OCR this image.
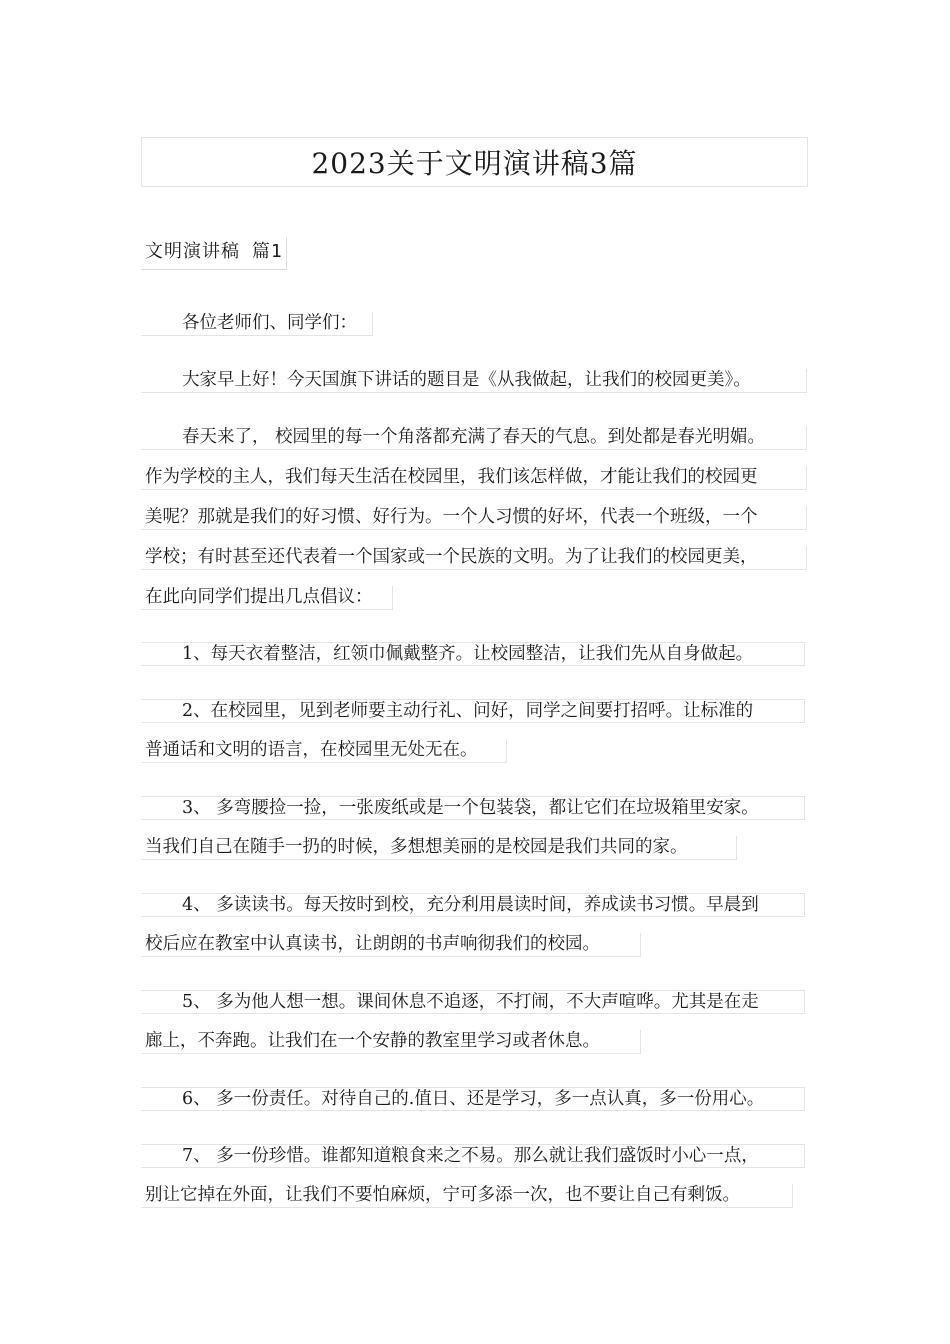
2023关于文明演讲稿3篇
文明演讲稿 篇1
各位老师们、同学们：
大家早上好！今天国旗下讲话的题目是《从我做起，让我们的校园更美》。
春天来了， 校园里的每一个角落都充满了春天的气息。到处都是春光明媚。
作为学校的主人，我们每天生活在校园里，我们该怎样做，才能让我们的校园更
美呢？那就是我们的好习惯、好行为。一个人习惯的好坏，代表一个班级，一个
学校；有时甚至还代表着一个国家或一个民族的文明。为了让我们的校园更美，
在此向同学们提出几点倡议：
1、每天衣着整洁，红领巾佩戴整齐。让校园整洁，让我们先从自身做起。
2、在校园里，见到老师要主动行礼、问好，同学之间要打招呼。让标准的
普通话和文明的语言，在校园里无处无在。
3、 多弯腰捡一捡，一张废纸或是一个包装袋，都让它们在垃圾箱里安家。
当我们自己在随手一扔的时候，多想想美丽的是校园是我们共同的家。
4、 多读读书。每天按时到校，充分利用晨读时间，养成读书习惯。早晨到
校后应在教室中认真读书，让朗朗的书声响彻我们的校园。
5、 多为他人想一想。课间休息不追逐，不打闹，不大声喧哗。尤其是在走
廊上，不奔跑。让我们在一个安静的教室里学习或者休息。
6、 多一份责任。对待自己的.值日、还是学习，多一点认真，多一份用心。
7、 多一份珍惜。谁都知道粮食来之不易。那么就让我们盛饭时小心一点，
别让它掉在外面，让我们不要怕麻烦，宁可多添一次，也不要让自己有剩饭。
